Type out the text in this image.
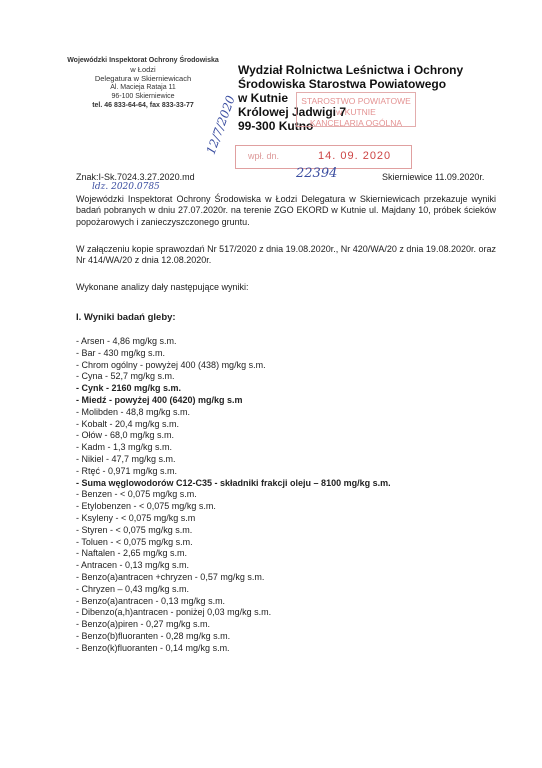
Wojewódzki Inspektorat Ochrony Środowiska
w Łodzi
Delegatura w Skierniewicach
Al. Macieja Rataja 11
96-100 Skierniewice
tel. 46 833-64-64, fax 833-33-77
Wydział Rolnictwa Leśnictwa i Ochrony
Środowiska Starostwa Powiatowego
w Kutnie
Królowej Jadwigi 7
99-300 Kutno
STAROSTWO POWIATOWE w KUTNIE
KANCELARIA OGÓLNA
wpł. dn.	14. 09. 2020
12/7/2020
22394
ldz. 2020.0785
Znak:I-Sk.7024.3.27.2020.md	Skierniewice 11.09.2020r.
Wojewódzki Inspektorat Ochrony Środowiska w Łodzi Delegatura w Skierniewicach przekazuje wyniki badań pobranych w dniu 27.07.2020r. na terenie ZGO EKORD w Kutnie ul. Majdany 10, próbek ścieków popożarowych i zanieczyszczonego gruntu.
W załączeniu kopie sprawozdań Nr 517/2020 z dnia 19.08.2020r., Nr 420/WA/20 z dnia 19.08.2020r. oraz Nr 414/WA/20 z dnia 12.08.2020r.
Wykonane analizy dały następujące wyniki:
I. Wyniki badań gleby:
- Arsen - 4,86 mg/kg s.m.
- Bar - 430 mg/kg s.m.
- Chrom ogólny - powyżej 400 (438) mg/kg s.m.
- Cyna - 52,7 mg/kg s.m.
- Cynk - 2160 mg/kg s.m.
- Miedź - powyżej 400 (6420) mg/kg s.m
- Molibden - 48,8 mg/kg s.m.
- Kobalt - 20,4 mg/kg s.m.
- Ołów - 68,0 mg/kg s.m.
- Kadm - 1,3 mg/kg s.m.
- Nikiel - 47,7 mg/kg s.m.
- Rtęć - 0,971 mg/kg s.m.
- Suma węglowodorów C12-C35 - składniki frakcji oleju – 8100 mg/kg s.m.
- Benzen - < 0,075 mg/kg s.m.
- Etylobenzen - < 0,075 mg/kg s.m.
- Ksyleny - < 0,075 mg/kg s.m
- Styren - < 0,075 mg/kg s.m.
- Toluen - < 0,075 mg/kg s.m.
- Naftalen - 2,65 mg/kg s.m.
- Antracen - 0,13 mg/kg s.m.
- Benzo(a)antracen +chryzen - 0,57 mg/kg s.m.
- Chryzen – 0,43 mg/kg s.m.
- Benzo(a)antracen - 0,13 mg/kg s.m.
- Dibenzo(a,h)antracen - poniżej 0,03 mg/kg s.m.
- Benzo(a)piren - 0,27 mg/kg s.m.
- Benzo(b)fluoranten - 0,28 mg/kg s.m.
- Benzo(k)fluoranten - 0,14 mg/kg s.m.
